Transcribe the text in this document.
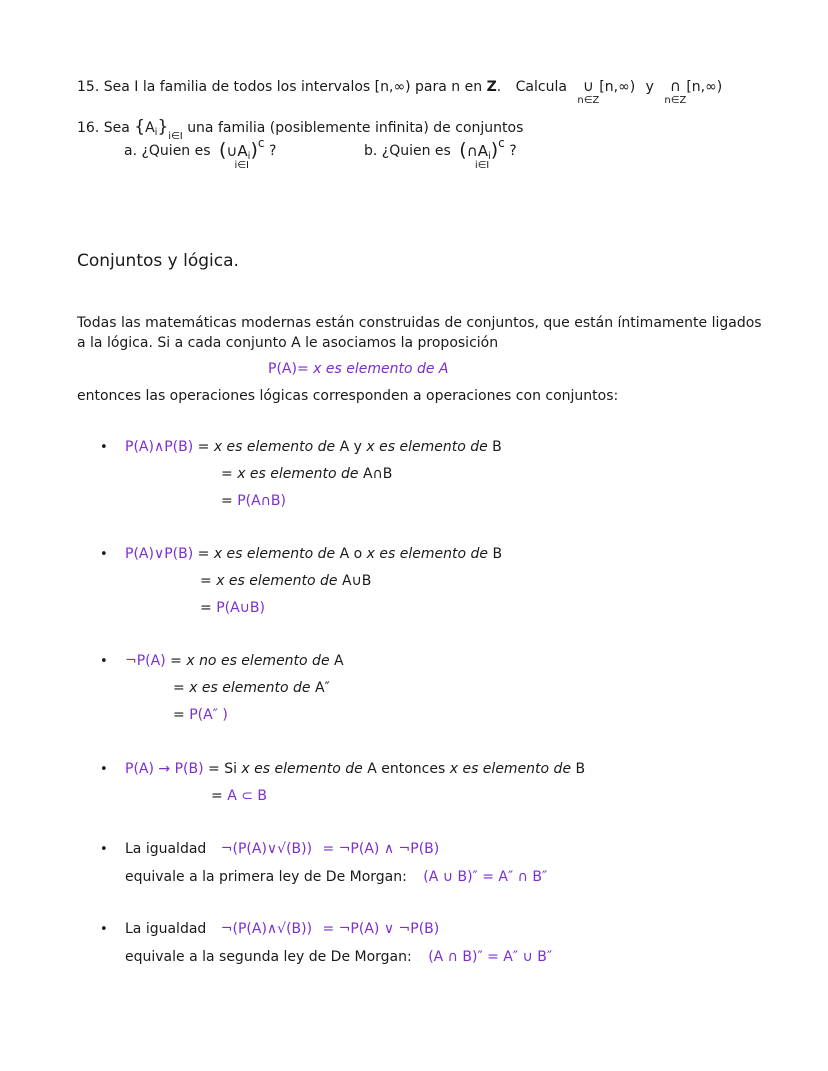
15. Sea I la familia de todos los intervalos [n,∞) para n en Z. Calcula	∪
n∈Z
[n,∞) y	∩
n∈Z
[n,∞)
16. Sea $\{A_i\}_{i\in I}$ una familia (posiblemente infinita) de conjuntos
a. ¿Quien es $(\cup A_i)^c$
i∈I
?	b. ¿Quien es $(\cap A_i)^c$
i∈I
?
Conjuntos y lógica.
Todas las matemáticas modernas están construidas de conjuntos, que están íntimamente ligados
a la lógica. Si a cada conjunto A le asociamos la proposición
P(A)= x es elemento de A
entonces las operaciones lógicas corresponden a operaciones con conjuntos:
• P(A)∧P(B) = x es elemento de A y x es elemento de B
= x es elemento de A∩B
= P(A∩B)
• P(A)∨P(B) = x es elemento de A o x es elemento de B
= x es elemento de A∪B
= P(A∪B)
• ¬P(A) = x no es elemento de A
= x es elemento de A″
= P(A″ )
• P(A) → P(B) = Si x es elemento de A entonces x es elemento de B
= A ⊂ B
• La igualdad ¬(P(A)∨√(B)) = ¬P(A) ∧ ¬P(B)
equivale a la primera ley de De Morgan: (A ∪ B)″ = A″ ∩ B″
• La igualdad ¬(P(A)∧√(B)) = ¬P(A) ∨ ¬P(B)
equivale a la segunda ley de De Morgan: (A ∩ B)″ = A″ ∪ B″
